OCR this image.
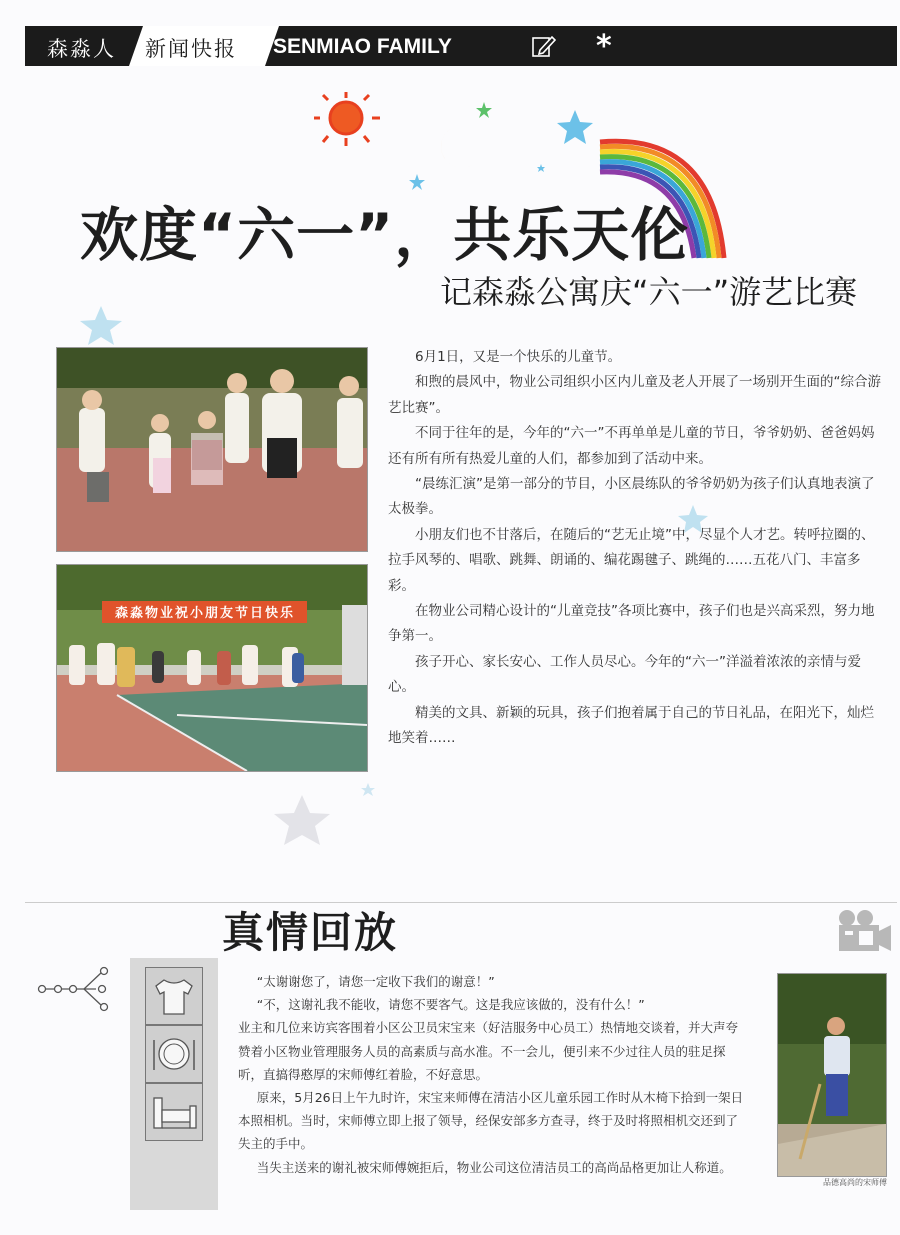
森淼人 新闻快报 SENMIAO FAMILY	*
欢度“六一”，共乐天伦
记森淼公寓庆“六一”游艺比赛
森淼物业祝小朋友节日快乐

6月1日，又是一个快乐的儿童节。

和煦的晨风中，物业公司组织小区内儿童及老人开展了一场别开生面的“综合游艺比赛”。

不同于往年的是，今年的“六一”不再单单是儿童的节日，爷爷奶奶、爸爸妈妈还有所有所有热爱儿童的人们，都参加到了活动中来。

“晨练汇演”是第一部分的节目，小区晨练队的爷爷奶奶为孩子们认真地表演了太极拳。

小朋友们也不甘落后，在随后的“艺无止境”中，尽显个人才艺。转呼拉圈的、拉手风琴的、唱歌、跳舞、朗诵的、编花踢毽子、跳绳的……五花八门、丰富多彩。

在物业公司精心设计的“儿童竞技”各项比赛中，孩子们也是兴高采烈，努力地争第一。

孩子开心、家长安心、工作人员尽心。今年的“六一”洋溢着浓浓的亲情与爱心。

精美的文具、新颖的玩具，孩子们抱着属于自己的节日礼品，在阳光下，灿烂地笑着……

真情回放

“太谢谢您了，请您一定收下我们的谢意！”

“不，这谢礼我不能收，请您不要客气。这是我应该做的，没有什么！”

业主和几位来访宾客围着小区公卫员宋宝来（好洁服务中心员工）热情地交谈着，并大声夸赞着小区物业管理服务人员的高素质与高水准。不一会儿，便引来不少过往人员的驻足探听，直搞得憨厚的宋师傅红着脸，不好意思。

原来，5月26日上午九时许，宋宝来师傅在清洁小区儿童乐园工作时从木椅下拾到一架日本照相机。当时，宋师傅立即上报了领导，经保安部多方查寻，终于及时将照相机交还到了失主的手中。

当失主送来的谢礼被宋师傅婉拒后，物业公司这位清洁员工的高尚品格更加让人称道。

品德高尚的宋师傅
